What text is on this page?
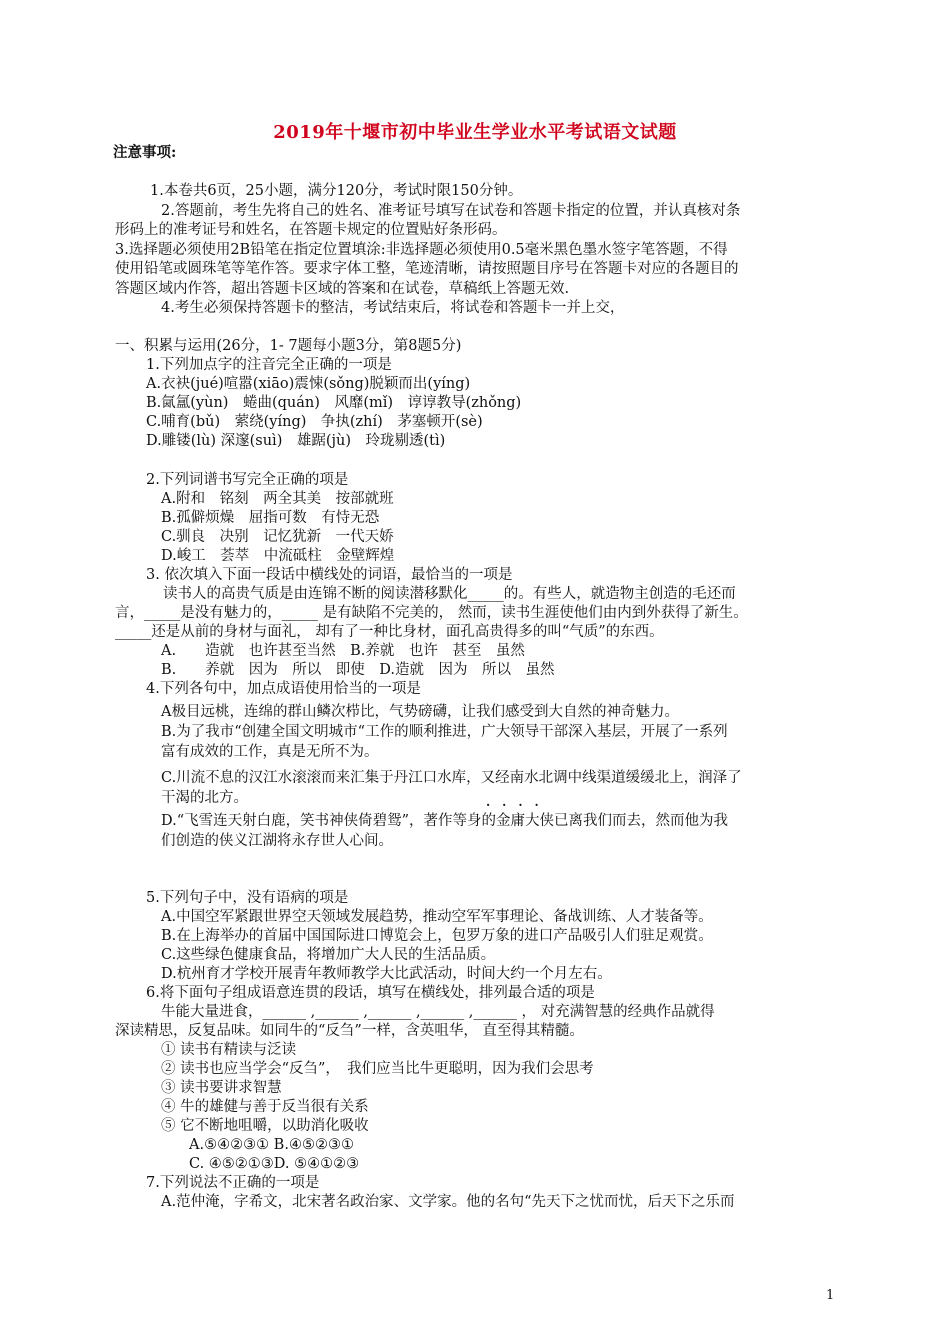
2019年十堰市初中毕业生学业水平考试语文试题
注意事项:
1.本卷共6页，25小题，满分120分，考试时限150分钟。
2.答题前，考生先将自己的姓名、准考证号填写在试卷和答题卡指定的位置，并认真核对条
形码上的准考证号和姓名，在答题卡规定的位置贴好条形码。
3.选择题必须使用2B铅笔在指定位置填涂:非选择题必须使用0.5毫米黑色墨水签字笔答题，不得
使用铅笔或圆珠笔等笔作答。要求字体工整，笔迹清晰，请按照题目序号在答题卡对应的各题目的
答题区域内作答，超出答题卡区域的答案和在试卷，草稿纸上答题无效.
4.考生必须保持答题卡的整洁，考试结束后，将试卷和答题卡一并上交，
一、积累与运用(26分，1- 7题每小题3分，第8题5分)
1.下列加点字的注音完全正确的一项是
A.衣袂(jué)喧嚣(xiāo)震悚(sǒng)脱颖而出(yíng)
B.氤氲(yùn)　蜷曲(quán)　风靡(mǐ)　谆谆教导(zhǒng)
C.哺育(bǔ)　萦绕(yíng)　争执(zhí)　茅塞顿开(sè)
D.雕镂(lù) 深邃(suì)　雄踞(jù)　玲珑剔透(tì)
2.下列词谱书写完全正确的项是
A.附和　铭刻　两全其美　按部就班
B.孤僻烦燥　屈指可数　有恃无恐
C.驯良　决别　记忆犹新　一代天娇
D.峻工　荟萃　中流砥柱　金壁辉煌
3. 依次填入下面一段话中横线处的词语，最恰当的一项是
读书人的高贵气质是由连锦不断的阅读潜移默化_____的。有些人，就造物主创造的毛还而
言，_____是没有魅力的，_____ 是有缺陷不完美的， 然而，读书生涯使他们由内到外获得了新生。
_____还是从前的身材与面礼， 却有了一种比身材，面孔高贵得多的叫“气质”的东西。
A.　　造就　也许甚至当然　B.养就　也许　甚至　虽然
B.　　养就　因为　所以　即使　D.造就　因为　所以　虽然
4.下列各句中，加点成语使用恰当的一项是
A极目远桃，连绵的群山鳞次栉比，气势磅礴，让我们感受到大自然的神奇魅力。
B.为了我市“创建全国文明城市“工作的顺利推进，广大领导干部深入基层，开展了一系列
富有成效的工作，真是无所不为。
C.川流不息的汉江水滚滚而来汇集于丹江口水库，又经南水北调中线渠道缓缓北上，润泽了
干渴的北方。	·　·　·　·
D.“飞雪连天射白鹿，笑书神侠倚碧鸳”，著作等身的金庸大侠已离我们而去，然而他为我
们创造的侠义江湖将永存世人心间。
5.下列句子中，没有语病的项是
A.中国空军紧跟世界空天领域发展趋势，推动空军军事理论、备战训练、人才装备等。
B.在上海举办的首届中国国际进口博览会上，包罗万象的进口产品吸引人们驻足观赏。
C.这些绿色健康食品，将增加广大人民的生活品质。
D.杭州育才学校开展青年教师教学大比武活动，时间大约一个月左右。
6.将下面句子组成语意连贯的段话，填写在横线处，排列最合适的项是
牛能大量进食，______ ,______ ,______ ,______ ,______ ， 对充满智慧的经典作品就得
深读精思，反复品味。如同牛的“反刍”一样，含英咀华， 直至得其精髓。
① 读书有精读与泛读
② 读书也应当学会“反刍”，　我们应当比牛更聪明，因为我们会思考
③ 读书要讲求智慧
④ 牛的雄健与善于反当很有关系
⑤ 它不断地咀嚼，以助消化吸收
A.⑤④②③① B.④⑤②③①
C. ④⑤②①③D. ⑤④①②③
7.下列说法不正确的一项是
A.范仲淹，字希文，北宋著名政治家、文学家。他的名句“先天下之忧而忧，后天下之乐而
1
